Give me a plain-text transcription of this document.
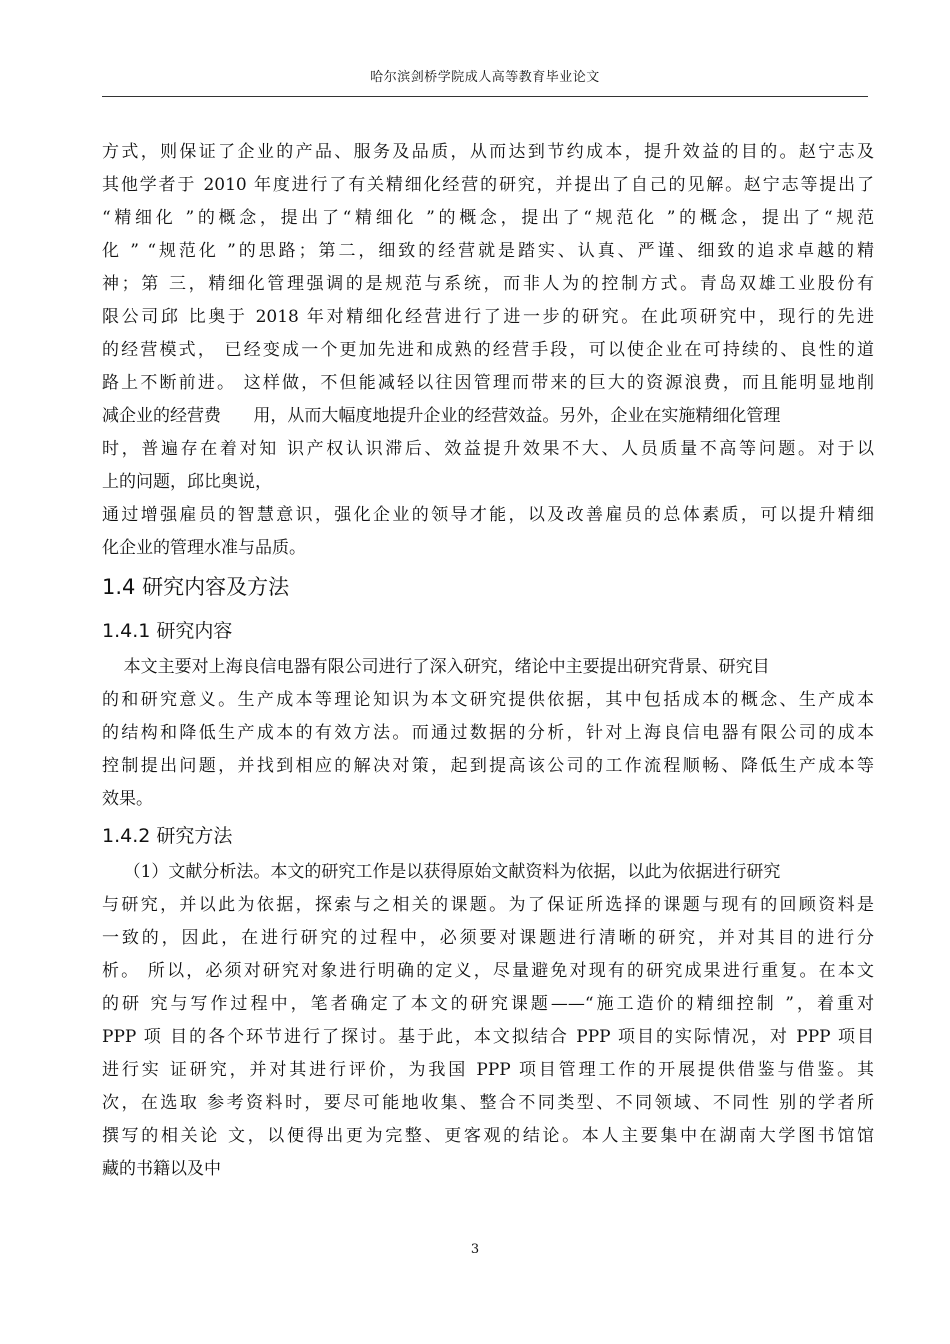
哈尔滨剑桥学院成人高等教育毕业论文
方式，则保证了企业的产品、服务及品质，从而达到节约成本，提升效益的目的。赵宁志及
其他学者于 2010 年度进行了有关精细化经营的研究，并提出了自己的见解。赵宁志等提出了
“精细化 ”的概念，提出了“精细化 ”的概念，提出了“规范化 ”的概念，提出了“规范
化 ” “规范化 ”的思路；第二，细致的经营就是踏实、认真、严谨、细致的追求卓越的精
神；第 三，精细化管理强调的是规范与系统，而非人为的控制方式。青岛双雄工业股份有
限公司邱 比奥于 2018 年对精细化经营进行了进一步的研究。在此项研究中，现行的先进
的经营模式， 已经变成一个更加先进和成熟的经营手段，可以使企业在可持续的、良性的道
路上不断前进。 这样做，不但能减轻以往因管理而带来的巨大的资源浪费，而且能明显地削
减企业的经营费      用，从而大幅度地提升企业的经营效益。另外，企业在实施精细化管理
时，普遍存在着对知 识产权认识滞后、效益提升效果不大、人员质量不高等问题。对于以
上的问题，邱比奥说，
通过增强雇员的智慧意识，强化企业的领导才能，以及改善雇员的总体素质，可以提升精细
化企业的管理水准与品质。
1.4 研究内容及方法
1.4.1 研究内容
本文主要对上海良信电器有限公司进行了深入研究，绪论中主要提出研究背景、研究目
的和研究意义。生产成本等理论知识为本文研究提供依据，其中包括成本的概念、生产成本
的结构和降低生产成本的有效方法。而通过数据的分析，针对上海良信电器有限公司的成本
控制提出问题，并找到相应的解决对策，起到提高该公司的工作流程顺畅、降低生产成本等
效果。
1.4.2 研究方法
（1）文献分析法。本文的研究工作是以获得原始文献资料为依据，以此为依据进行研究
与研究，并以此为依据，探索与之相关的课题。为了保证所选择的课题与现有的回顾资料是
一致的，因此，在进行研究的过程中，必须要对课题进行清晰的研究，并对其目的进行分
析。 所以，必须对研究对象进行明确的定义，尽量避免对现有的研究成果进行重复。在本文
的研 究与写作过程中，笔者确定了本文的研究课题——“施工造价的精细控制 ”，着重对
PPP 项 目的各个环节进行了探讨。基于此，本文拟结合 PPP 项目的实际情况，对 PPP 项目
进行实 证研究，并对其进行评价，为我国 PPP 项目管理工作的开展提供借鉴与借鉴。其
次，在选取 参考资料时，要尽可能地收集、整合不同类型、不同领域、不同性 别的学者所
撰写的相关论 文，以便得出更为完整、更客观的结论。本人主要集中在湖南大学图书馆馆
藏的书籍以及中
3
